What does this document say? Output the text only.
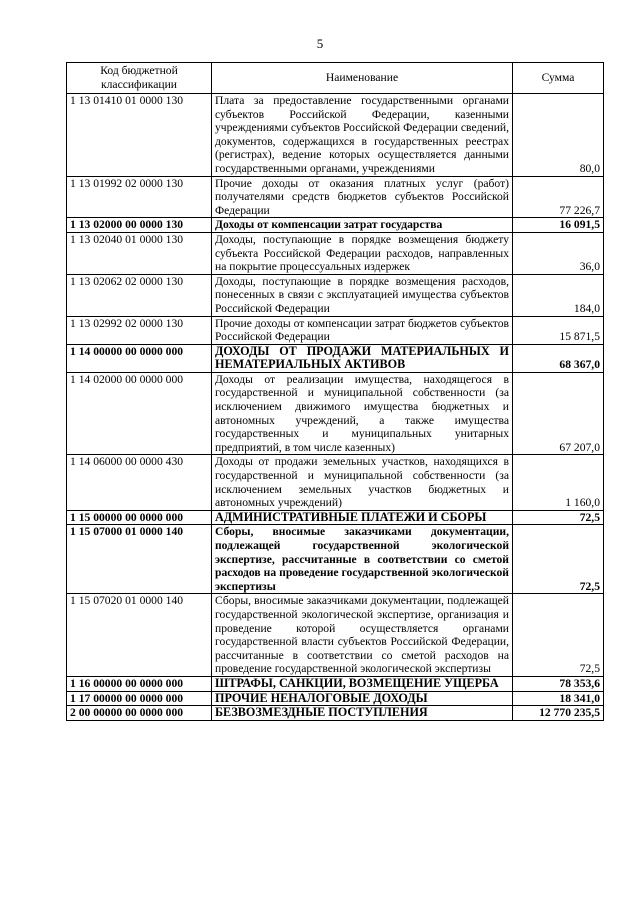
5
Код бюджетной классификации	Наименование	Сумма
1 13 01410 01 0000 130	Плата за предоставление государственными органами субъектов Российской Федерации, казенными учреждениями субъектов Российской Федерации сведений, документов, содержащихся в государственных реестрах (регистрах), ведение которых осуществляется данными государственными органами, учреждениями	80,0
1 13 01992 02 0000 130	Прочие доходы от оказания платных услуг (работ) получателями средств бюджетов субъектов Российской Федерации	77 226,7
1 13 02000 00 0000 130	Доходы от компенсации затрат государства	16 091,5
1 13 02040 01 0000 130	Доходы, поступающие в порядке возмещения бюджету субъекта Российской Федерации расходов, направленных на покрытие процессуальных издержек	36,0
1 13 02062 02 0000 130	Доходы, поступающие в порядке возмещения расходов, понесенных в связи с эксплуатацией имущества субъектов Российской Федерации	184,0
1 13 02992 02 0000 130	Прочие доходы от компенсации затрат бюджетов субъектов Российской Федерации	15 871,5
1 14 00000 00 0000 000	ДОХОДЫ ОТ ПРОДАЖИ МАТЕРИАЛЬНЫХ И НЕМАТЕРИАЛЬНЫХ АКТИВОВ	68 367,0
1 14 02000 00 0000 000	Доходы от реализации имущества, находящегося в государственной и муниципальной собственности (за исключением движимого имущества бюджетных и автономных учреждений, а также имущества государственных и муниципальных унитарных предприятий, в том числе казенных)	67 207,0
1 14 06000 00 0000 430	Доходы от продажи земельных участков, находящихся в государственной и муниципальной собственности (за исключением земельных участков бюджетных и автономных учреждений)	1 160,0
1 15 00000 00 0000 000	АДМИНИСТРАТИВНЫЕ ПЛАТЕЖИ И СБОРЫ	72,5
1 15 07000 01 0000 140	Сборы, вносимые заказчиками документации, подлежащей государственной экологической экспертизе, рассчитанные в соответствии со сметой расходов на проведение государственной экологической экспертизы	72,5
1 15 07020 01 0000 140	Сборы, вносимые заказчиками документации, подлежащей государственной экологической экспертизе, организация и проведение которой осуществляется органами государственной власти субъектов Российской Федерации, рассчитанные в соответствии со сметой расходов на проведение государственной экологической экспертизы	72,5
1 16 00000 00 0000 000	ШТРАФЫ, САНКЦИИ, ВОЗМЕЩЕНИЕ УЩЕРБА	78 353,6
1 17 00000 00 0000 000	ПРОЧИЕ НЕНАЛОГОВЫЕ ДОХОДЫ	18 341,0
2 00 00000 00 0000 000	БЕЗВОЗМЕЗДНЫЕ ПОСТУПЛЕНИЯ	12 770 235,5
